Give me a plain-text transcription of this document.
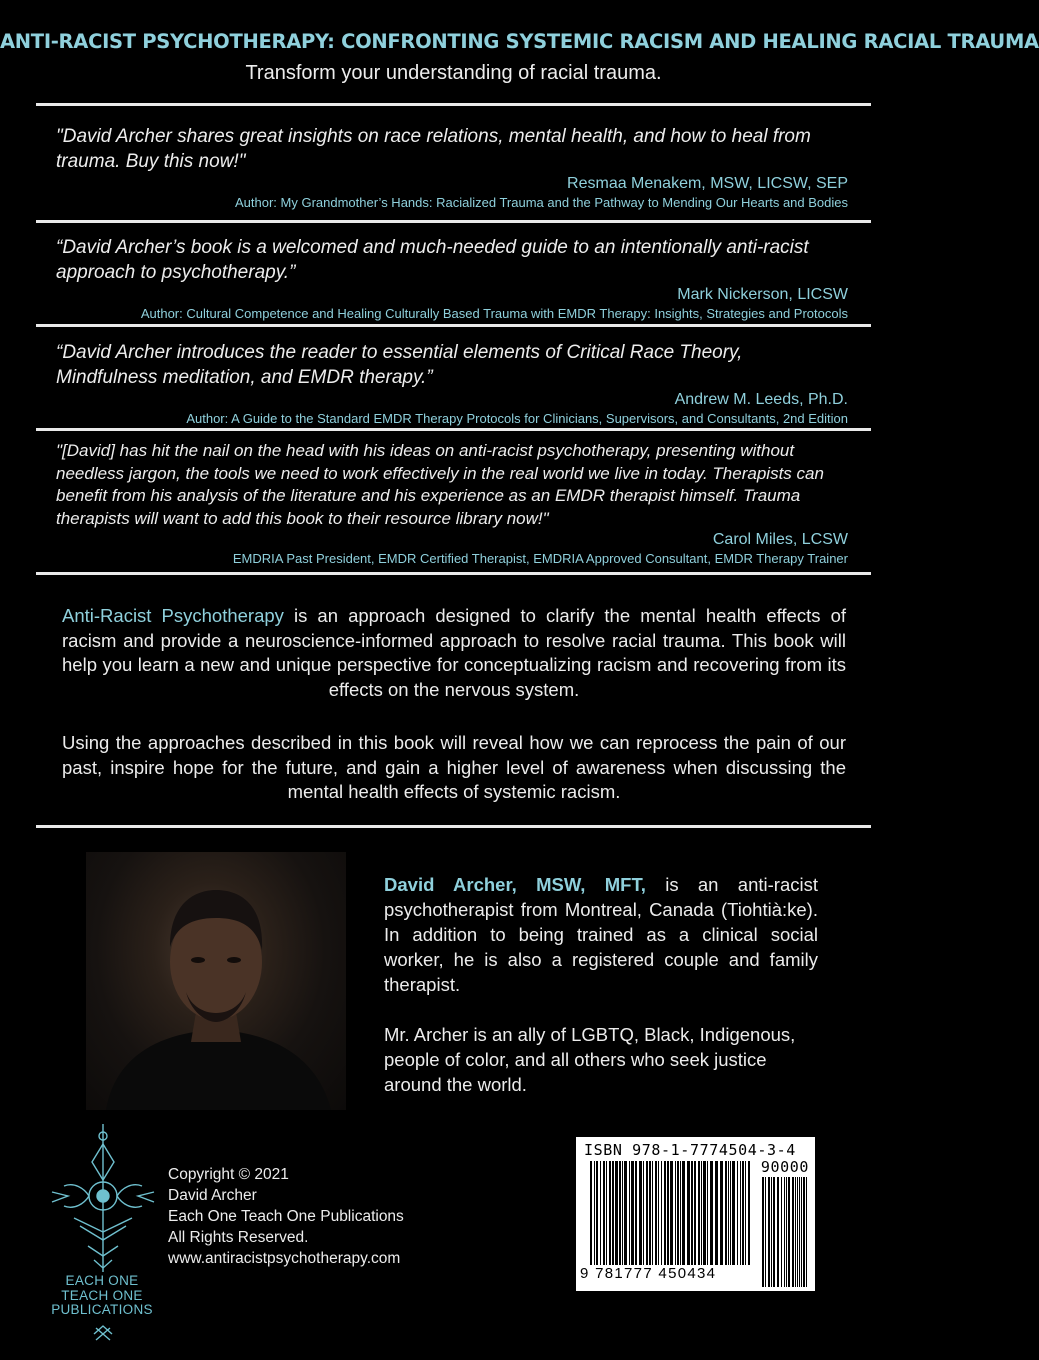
ANTI-RACIST PSYCHOTHERAPY: CONFRONTING SYSTEMIC RACISM AND HEALING RACIAL TRAUMA
Transform your understanding of racial trauma.

"David Archer shares great insights on race relations, mental health, and how to heal from trauma. Buy this now!"

Resmaa Menakem, MSW, LICSW, SEP
Author: My Grandmother’s Hands: Racialized Trauma and the Pathway to Mending Our Hearts and Bodies

“David Archer’s book is a welcomed and much-needed guide to an intentionally anti-racist approach to psychotherapy.”

Mark Nickerson, LICSW
Author: Cultural Competence and Healing Culturally Based Trauma with EMDR Therapy: Insights, Strategies and Protocols

“David Archer introduces the reader to essential elements of Critical Race Theory, Mindfulness meditation, and EMDR therapy.”

Andrew M. Leeds, Ph.D.
Author: A Guide to the Standard EMDR Therapy Protocols for Clinicians, Supervisors, and Consultants, 2nd Edition

"[David] has hit the nail on the head with his ideas on anti-racist psychotherapy, presenting without needless jargon, the tools we need to work effectively in the real world we live in today. Therapists can benefit from his analysis of the literature and his experience as an EMDR therapist himself. Trauma therapists will want to add this book to their resource library now!"

Carol Miles, LCSW
EMDRIA Past President, EMDR Certified Therapist, EMDRIA Approved Consultant, EMDR Therapy Trainer
Anti-Racist Psychotherapy is an approach designed to clarify the mental health effects of racism and provide a neuroscience-informed approach to resolve racial trauma. This book will help you learn a new and unique perspective for conceptualizing racism and recovering from its effects on the nervous system.
Using the approaches described in this book will reveal how we can reprocess the pain of our past, inspire hope for the future, and gain a higher level of awareness when discussing the mental health effects of systemic racism.
David Archer, MSW, MFT, is an anti-racist psychotherapist from Montreal, Canada (Tiohtià:ke). In addition to being trained as a clinical social worker, he is also a registered couple and family therapist.
Mr. Archer is an ally of LGBTQ, Black, Indigenous, people of color, and all others who seek justice around the world.
EACH ONE
TEACH ONE
PUBLICATIONS
Copyright © 2021
David Archer
Each One Teach One Publications
All Rights Reserved.
www.antiracistpsychotherapy.com
ISBN 978-1-7774504-3-4
90000
9 781777 450434
